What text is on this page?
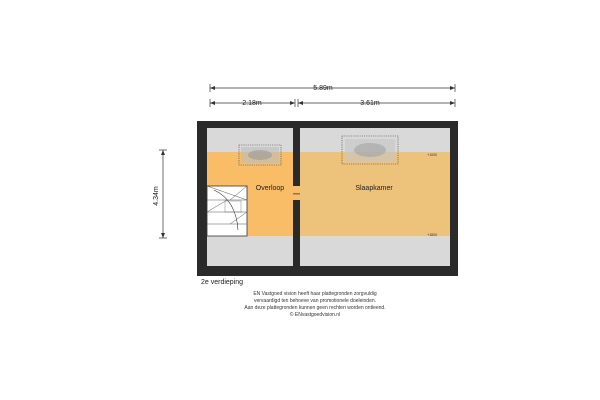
5.89m
2.18m	3.61m
4.34m	Overloop	Slaapkamer
+1000
+1800
2e verdieping
EN Vastgoed vision heeft haar plattegronden zorgvuldig
vervaardigd ten behoeve van promotionele doeleinden.
Aan deze plattegronden kunnen geen rechten worden ontleend.
© ENvastgoedvision.nl
